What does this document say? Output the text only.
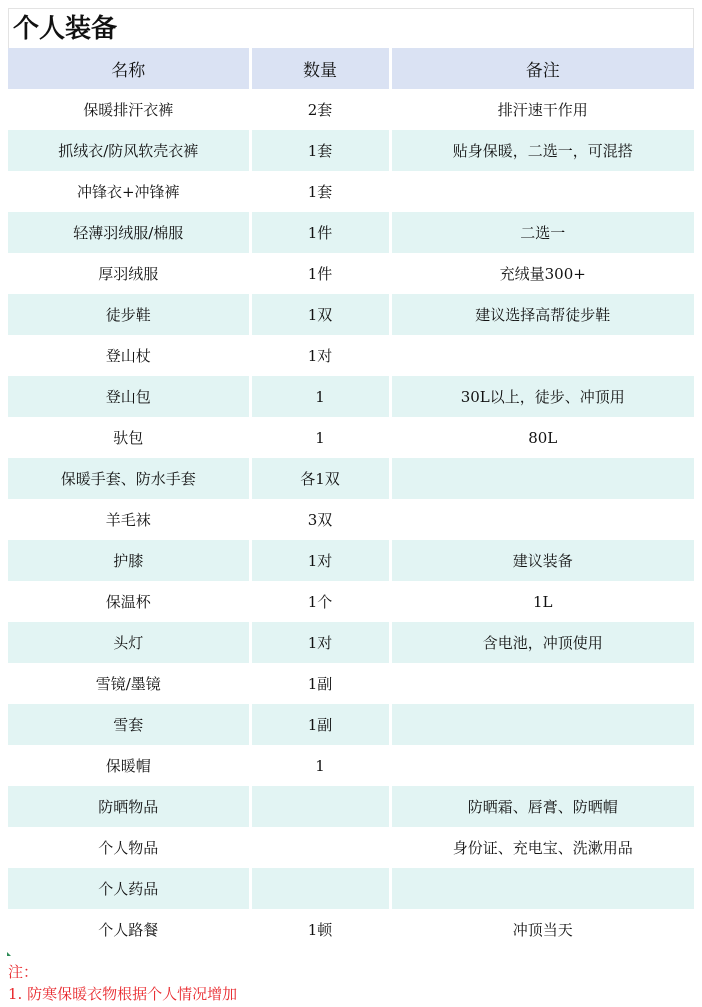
个人装备
名称	数量	备注
保暖排汗衣裤	2套	排汗速干作用
抓绒衣/防风软壳衣裤	1套	贴身保暖，二选一，可混搭
冲锋衣+冲锋裤	1套	
轻薄羽绒服/棉服	1件	二选一
厚羽绒服	1件	充绒量300+
徒步鞋	1双	建议选择高帮徒步鞋
登山杖	1对	
登山包	1	30L以上，徒步、冲顶用
驮包	1	80L
保暖手套、防水手套	各1双	
羊毛袜	3双	
护膝	1对	建议装备
保温杯	1个	1L
头灯	1对	含电池，冲顶使用
雪镜/墨镜	1副	
雪套	1副	
保暖帽	1	
防晒物品		防晒霜、唇膏、防晒帽
个人物品		身份证、充电宝、洗漱用品
个人药品		
个人路餐	1顿	冲顶当天
注：
1. 防寒保暖衣物根据个人情况增加
